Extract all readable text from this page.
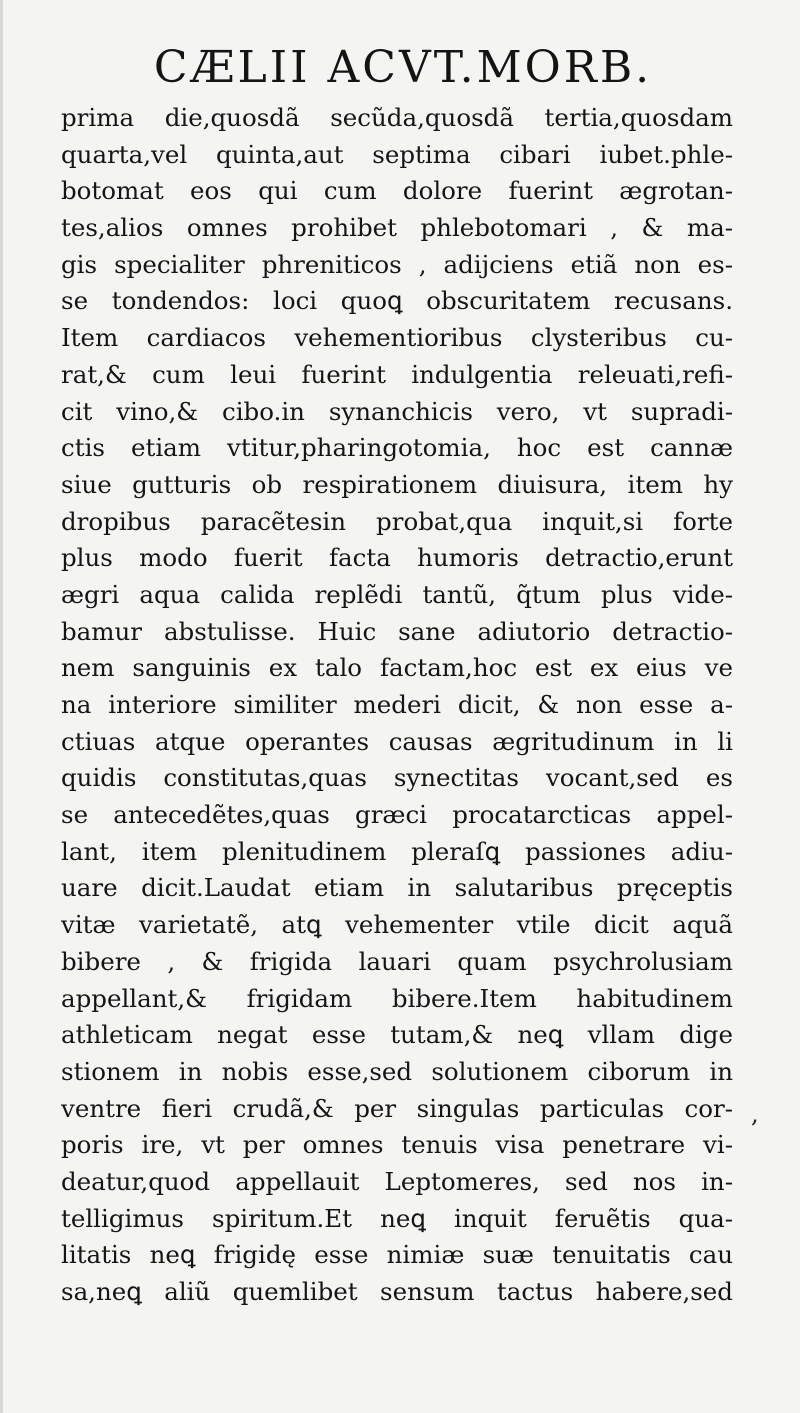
CÆLII ACVT.MORB.
prima die,quosdã secũda,quosdã tertia,quosdam
quarta,vel quinta,aut septima cibari iubet.phle-
botomat eos qui cum dolore fuerint ægrotan-
tes,alios omnes prohibet phlebotomari , & ma-
gis specialiter phreniticos , adijciens etiã non es-
se tondendos: loci quoꝗ obscuritatem recusans.
Item cardiacos vehementioribus clysteribus cu-
rat,& cum leui fuerint indulgentia releuati,refi-
cit vino,& cibo.in synanchicis vero, vt supradi-
ctis etiam vtitur,pharingotomia, hoc est cannæ
siue gutturis ob respirationem diuisura, item hy
dropibus paracẽtesin probat,qua inquit,si forte
plus modo fuerit facta humoris detractio,erunt
ægri aqua calida replẽdi tantũ, q̃tum plus vide-
bamur abstulisse. Huic sane adiutorio detractio-
nem sanguinis ex talo factam,hoc est ex eius ve
na interiore similiter mederi dicit, & non esse a-
ctiuas atque operantes causas ægritudinum in li
quidis constitutas,quas synectitas vocant,sed es
se antecedẽtes,quas græci procatarcticas appel-
lant, item plenitudinem pleraſꝗ passiones adiu-
uare dicit.Laudat etiam in salutaribus pręceptis
vitæ varietatẽ, atꝗ vehementer vtile dicit aquã
bibere , & frigida lauari quam psychrolusiam
appellant,& frigidam bibere.Item habitudinem
athleticam negat esse tutam,& neꝗ vllam dige
stionem in nobis esse,sed solutionem ciborum in
ventre fieri crudã,& per singulas particulas cor-
poris ire, vt per omnes tenuis visa penetrare vi-
deatur,quod appellauit Leptomeres, sed nos in-
telligimus spiritum.Et neꝗ inquit feruẽtis qua-
litatis neꝗ frigidę esse nimiæ suæ tenuitatis cau
sa,neꝗ aliũ quemlibet sensum tactus habere,sed
,
